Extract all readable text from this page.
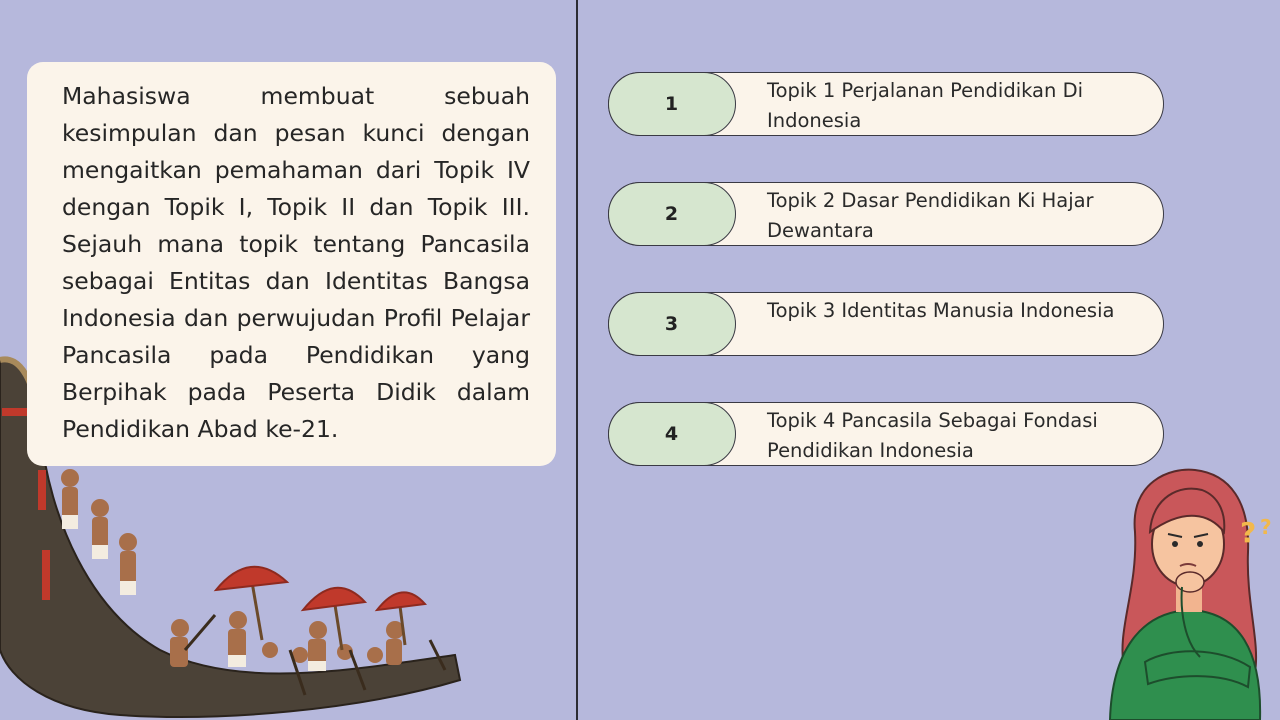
Mahasiswa membuat sebuah kesimpulan dan pesan kunci dengan mengaitkan pemahaman dari Topik IV dengan Topik I, Topik II dan Topik III. Sejauh mana topik tentang Pancasila sebagai Entitas dan Identitas Bangsa Indonesia dan perwujudan Profil Pelajar Pancasila pada Pendidikan yang Berpihak pada Peserta Didik dalam Pendidikan Abad ke-21.

1
Topik 1 Perjalanan Pendidikan Di Indonesia
2
Topik 2 Dasar Pendidikan Ki Hajar Dewantara
3
Topik 3 Identitas Manusia Indonesia
4
Topik 4 Pancasila Sebagai Fondasi Pendidikan Indonesia
? ?
